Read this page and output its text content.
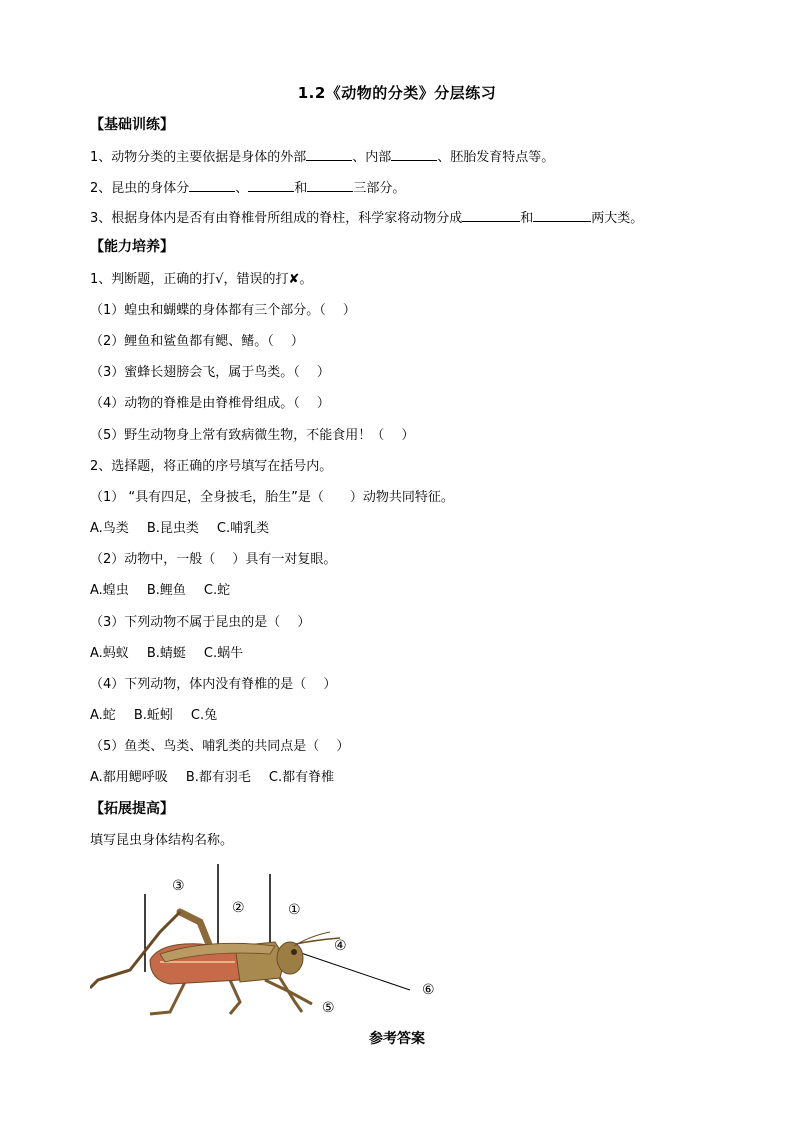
1.2《动物的分类》分层练习
【基础训练】
1、动物分类的主要依据是身体的外部	、内部	、胚胎发育特点等。
2、昆虫的身体分	、	和	三部分。
3、根据身体内是否有由脊椎骨所组成的脊柱，科学家将动物分成	和	两大类。
【能力培养】
1、判断题，正确的打√，错误的打✘。
（1）蝗虫和蝴蝶的身体都有三个部分。（　 ）
（2）鲤鱼和鲨鱼都有鳃、鳍。（　 ）
（3）蜜蜂长翅膀会飞，属于鸟类。（　 ）
（4）动物的脊椎是由脊椎骨组成。（　 ）
（5）野生动物身上常有致病微生物，不能食用！（　 ）
2、选择题，将正确的序号填写在括号内。
（1） “具有四足，全身披毛，胎生”是（　　）动物共同特征。
A.鸟类 B.昆虫类 C.哺乳类
（2）动物中，一般（　 ）具有一对复眼。
A.蝗虫 B.鲤鱼 C.蛇
（3）下列动物不属于昆虫的是（　 ）
A.蚂蚁 B.蜻蜓 C.蜗牛
（4）下列动物，体内没有脊椎的是（　 ）
A.蛇 B.蚯蚓 C.兔
（5）鱼类、鸟类、哺乳类的共同点是（　 ）
A.都用鳃呼吸 B.都有羽毛 C.都有脊椎
【拓展提高】
填写昆虫身体结构名称。
③
②	①
④
⑤
⑥
参考答案
